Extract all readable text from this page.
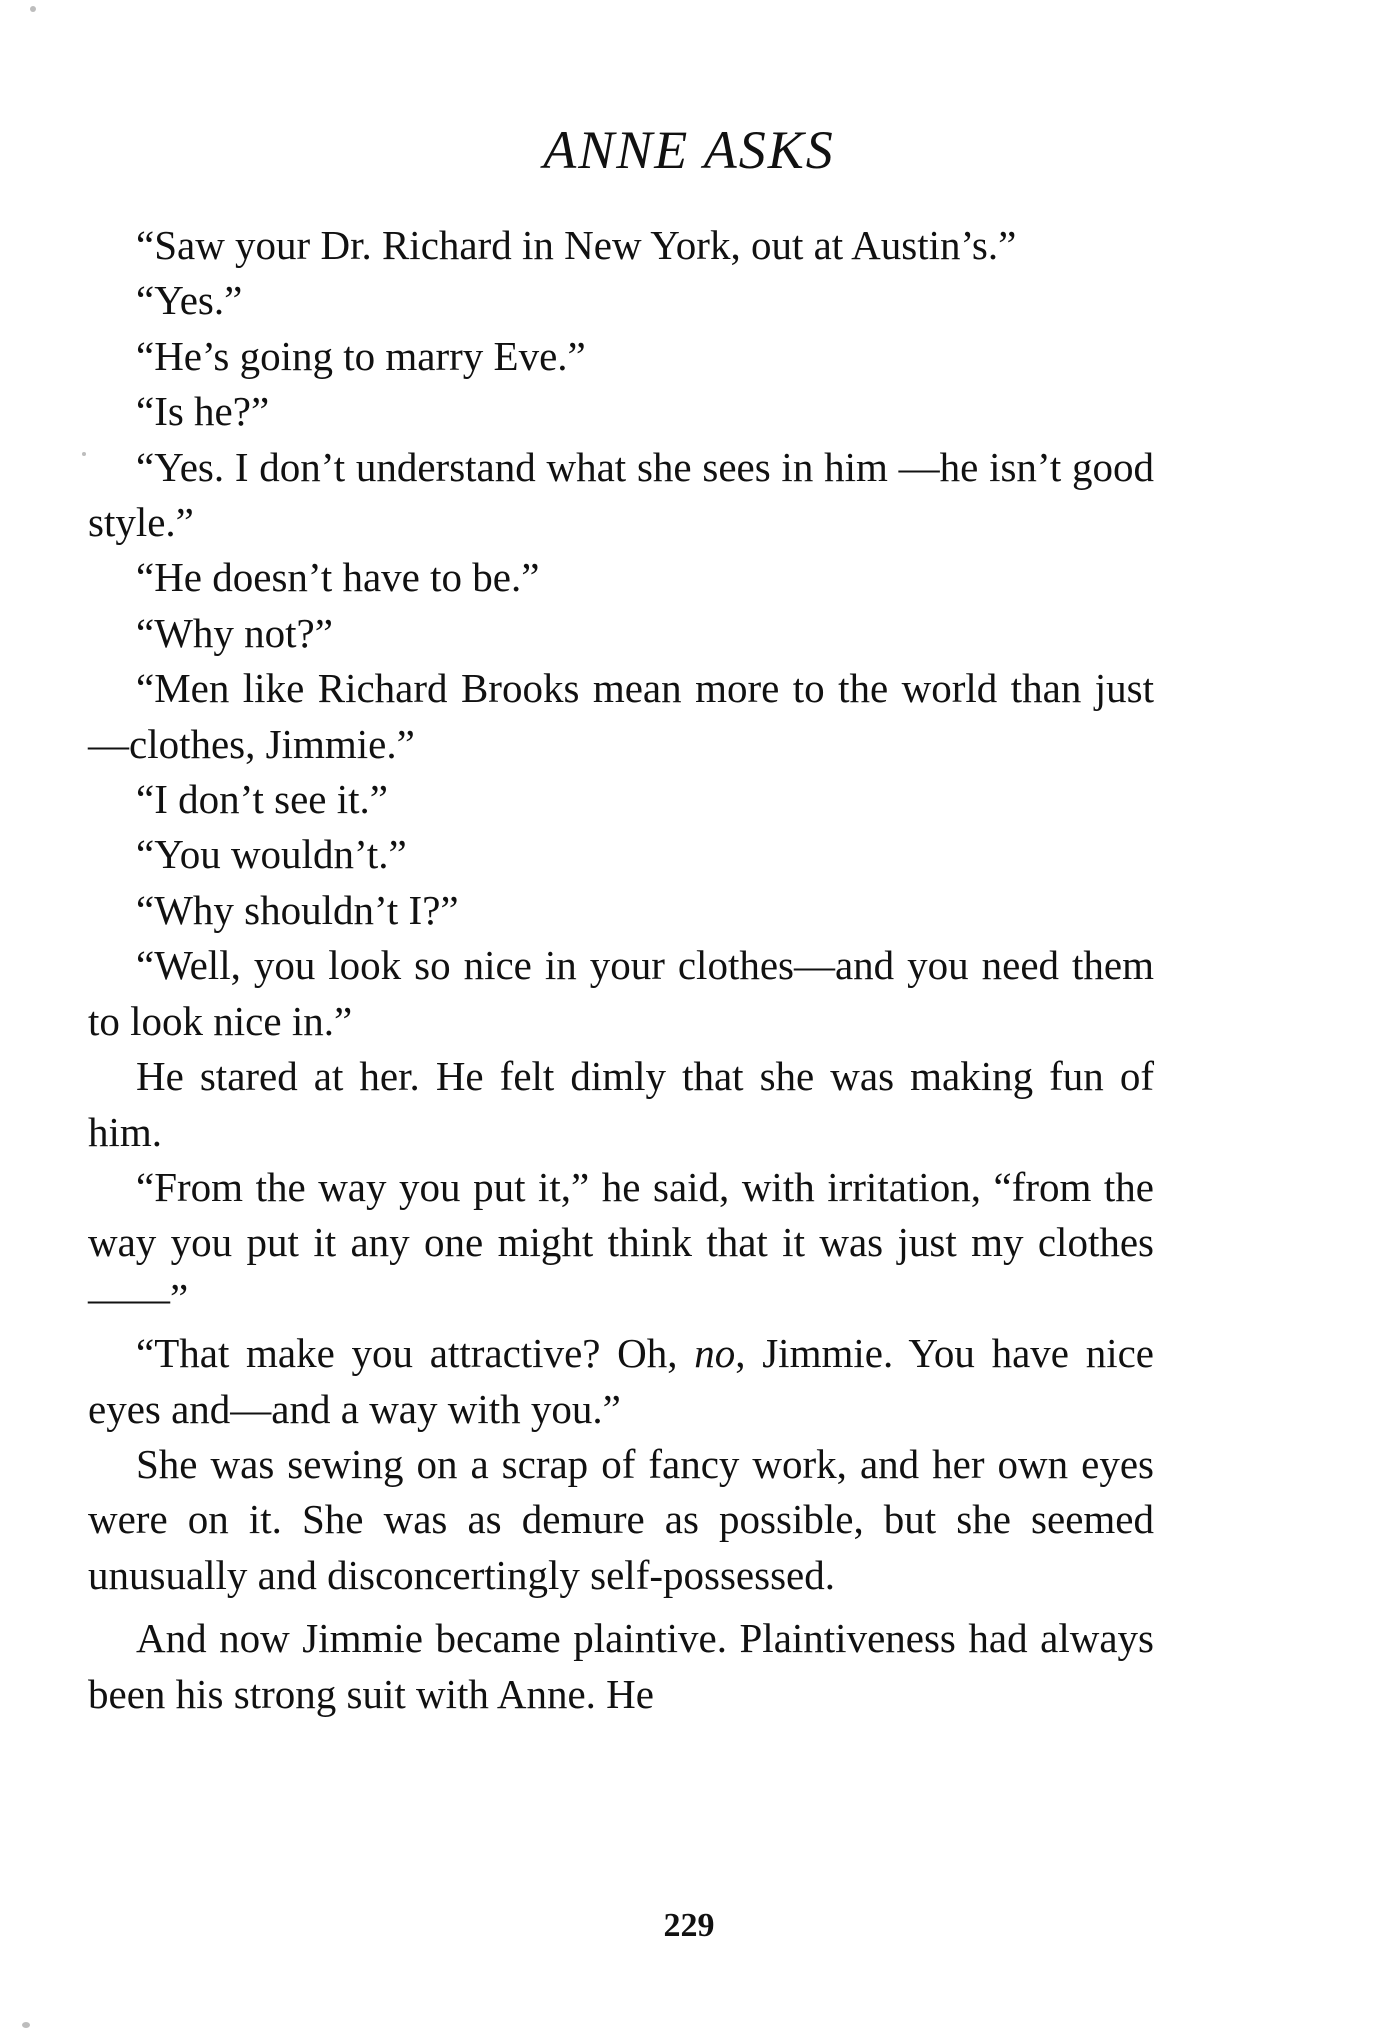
ANNE ASKS

“Saw your Dr. Richard in New York, out at Austin’s.”

“Yes.”

“He’s going to marry Eve.”

“Is he?”

“Yes. I don’t understand what she sees in him —he isn’t good style.”

“He doesn’t have to be.”

“Why not?”

“Men like Richard Brooks mean more to the world than just—clothes, Jimmie.”

“I don’t see it.”

“You wouldn’t.”

“Why shouldn’t I?”

“Well, you look so nice in your clothes—and you need them to look nice in.”

He stared at her. He felt dimly that she was making fun of him.

“From the way you put it,” he said, with irritation, “from the way you put it any one might think that it was just my clothes ——”

“That make you attractive? Oh, no, Jimmie. You have nice eyes and—and a way with you.”

She was sewing on a scrap of fancy work, and her own eyes were on it. She was as demure as possible, but she seemed unusually and disconcertingly self-possessed.

And now Jimmie became plaintive. Plaintiveness had always been his strong suit with Anne. He

229
